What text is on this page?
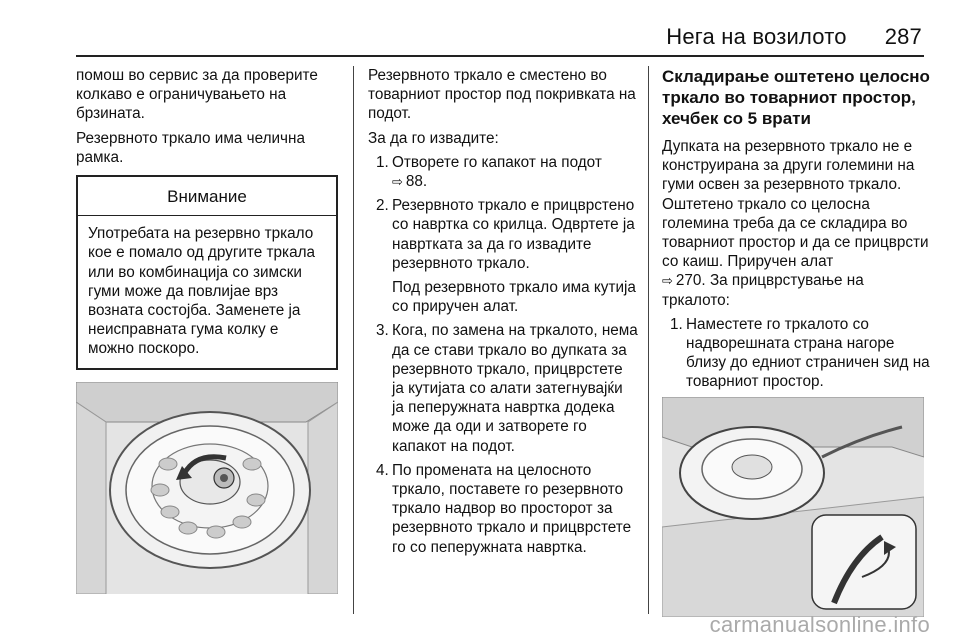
Нега на возилото 287

помош во сервис за да проверите колкаво е ограничувањето на брзината.

Резервното тркало има челична рамка.

Внимание
Употребата на резервно тркало кое е помало од другите тркала или во комбинација со зимски гуми може да повлијае врз возната состојба. Заменете ја неисправната гума колку е можно поскоро.

Резервното тркало е сместено во товарниот простор под покривката на подот.

За да го извадите:

1. Отворете го капакот на подот
⇨ 88.
2. Резервното тркало е прицврстено со навртка со крилца. Одвртете ја навртката за да го извадите резервното тркало.

Под резервното тркало има кутија со приручен алат.

3. Кога, по замена на тркалото, нема да се стави тркало во дупката за резервното тркало, прицврстете ја кутијата со алати затегнувајќи ја пеперужната навртка додека може да оди и затворете го капакот на подот.
4. По промената на целосното тркало, поставете го резервното тркало надвор во просторот за резервното тркало и прицврстете го со пеперужната навртка.
Складирање оштетено целосно тркало во товарниот простор, хечбек со 5 врати

Дупката на резервното тркало не е конструирана за други големини на гуми освен за резервното тркало. Оштетено тркало со целосна големина треба да се складира во товарниот простор и да се прицврсти со каиш. Приручен алат
⇨ 270. За прицврстување на тркалото:

1. Наместете го тркалото со надворешната страна нагоре близу до едниот страничен sид на товарниот простор.
carmanualsonline.info
